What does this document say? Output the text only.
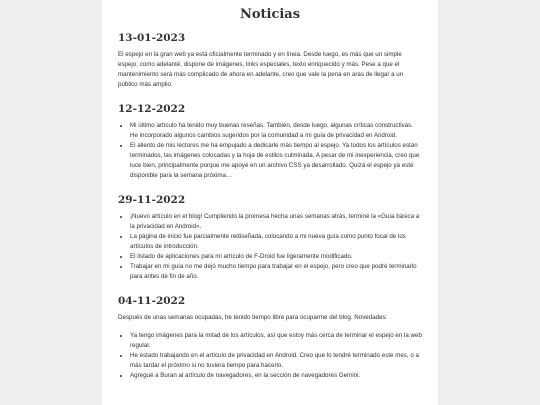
Noticias
13-01-2023

El espejo en la gran web ya está oficialmente terminado y en línea. Desde luego, es más que un simple espejo; como adelanté, dispone de imágenes, links especiales, texto enriquecido y más. Pese a que el mantenimiento será más complicado de ahora en adelante, creo que vale la pena en aras de llegar a un público más amplio.

12-12-2022
• Mi último artículo ha tenido muy buenas reseñas. También, desde luego, algunas críticas constructivas. He incorporado algunos cambios sugeridos por la comunidad a mi guía de privacidad en Android.
• El aliento de mis lectores me ha empujado a dedicarle más tiempo al espejo. Ya todos los artículos están terminados, las imágenes colocadas y la hoja de estilos culminada. A pesar de mi inexperiencia, creo que luce bien, principalmente porque me apoyé en un archivo CSS ya desarrollado. Quizá el espejo ya esté disponible para la semana próxima…
29-11-2022
• ¡Nuevo artículo en el blog! Cumpliendo la promesa hecha unas semanas atrás, terminé la «Guía básica a la privacidad en Android».
• La página de inicio fue parcialmente rediseñada, colocando a mi nueva guía como punto focal de los artículos de introducción.
• El listado de aplicaciones para mi artículo de F-Droid fue ligeramente modificado.
• Trabajar en mi guía no me dejó mucho tiempo para trabajar en el espejo, pero creo que podré terminarlo para antes de fin de año.
04-11-2022

Después de unas semanas ocupadas, he tenido tiempo libre para ocuparme del blog. Novedades:

• Ya tengo imágenes para la mitad de los artículos, así que estoy más cerca de terminar el espejo en la web regular.
• He estado trabajando en el artículo de privacidad en Android. Creo que lo tendré terminado este mes, o a más tardar el próximo si no tuviera tiempo para hacerlo.
• Agregué a Buran al artículo de navegadores, en la sección de navegadores Gemini.
